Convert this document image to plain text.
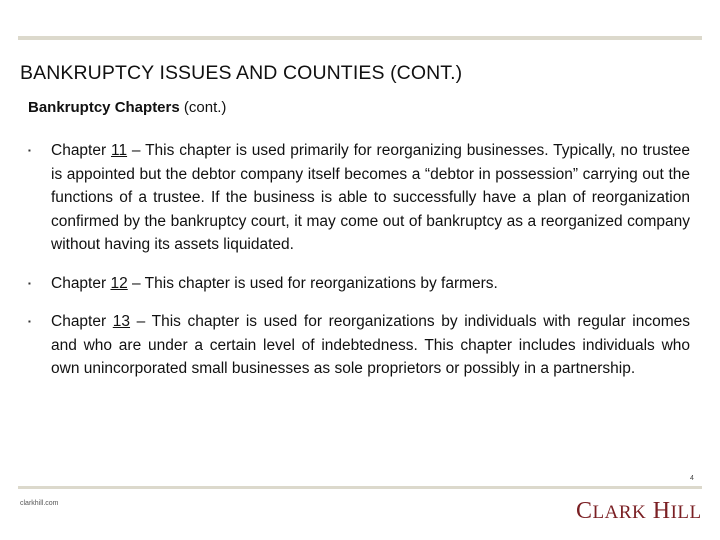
BANKRUPTCY ISSUES AND COUNTIES (CONT.)
Bankruptcy Chapters (cont.)
▪ Chapter 11 – This chapter is used primarily for reorganizing businesses. Typically, no trustee is appointed but the debtor company itself becomes a “debtor in possession” carrying out the functions of a trustee. If the business is able to successfully have a plan of reorganization confirmed by the bankruptcy court, it may come out of bankruptcy as a reorganized company without having its assets liquidated.
▪ Chapter 12 – This chapter is used for reorganizations by farmers.
▪ Chapter 13 – This chapter is used for reorganizations by individuals with regular incomes and who are under a certain level of indebtedness. This chapter includes individuals who own unincorporated small businesses as sole proprietors or possibly in a partnership.
4
clarkhill.com	CLARK HILL
